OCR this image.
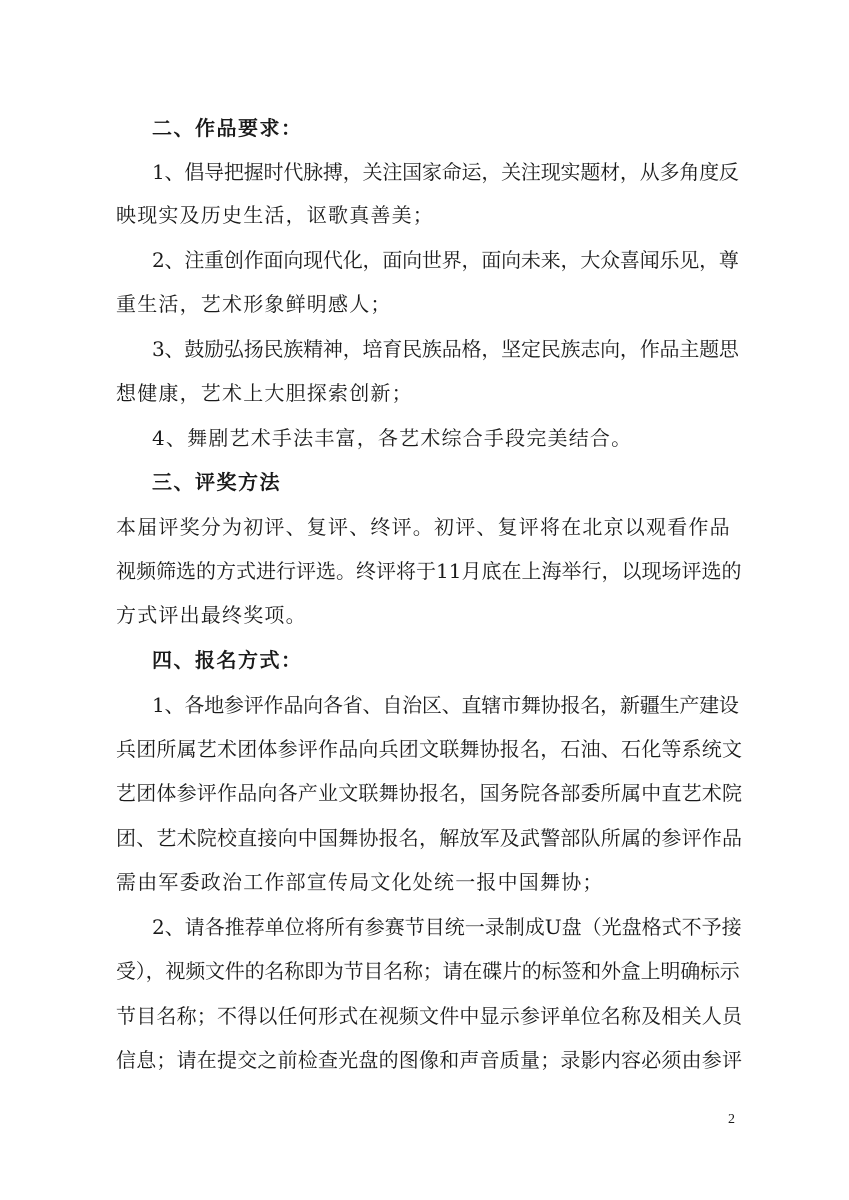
二、作品要求：
1、倡导把握时代脉搏，关注国家命运，关注现实题材，从多角度反
映现实及历史生活，讴歌真善美；
2、注重创作面向现代化，面向世界，面向未来，大众喜闻乐见，尊
重生活，艺术形象鲜明感人；
3、鼓励弘扬民族精神，培育民族品格，坚定民族志向，作品主题思
想健康，艺术上大胆探索创新；
4、舞剧艺术手法丰富，各艺术综合手段完美结合。
三、评奖方法
本届评奖分为初评、复评、终评。初评、复评将在北京以观看作品
视频筛选的方式进行评选。终评将于11月底在上海举行，以现场评选的
方式评出最终奖项。
四、报名方式：
1、各地参评作品向各省、自治区、直辖市舞协报名，新疆生产建设
兵团所属艺术团体参评作品向兵团文联舞协报名，石油、石化等系统文
艺团体参评作品向各产业文联舞协报名，国务院各部委所属中直艺术院
团、艺术院校直接向中国舞协报名，解放军及武警部队所属的参评作品
需由军委政治工作部宣传局文化处统一报中国舞协；
2、请各推荐单位将所有参赛节目统一录制成U盘（光盘格式不予接
受），视频文件的名称即为节目名称；请在碟片的标签和外盒上明确标示
节目名称；不得以任何形式在视频文件中显示参评单位名称及相关人员
信息；请在提交之前检查光盘的图像和声音质量；录影内容必须由参评
2
